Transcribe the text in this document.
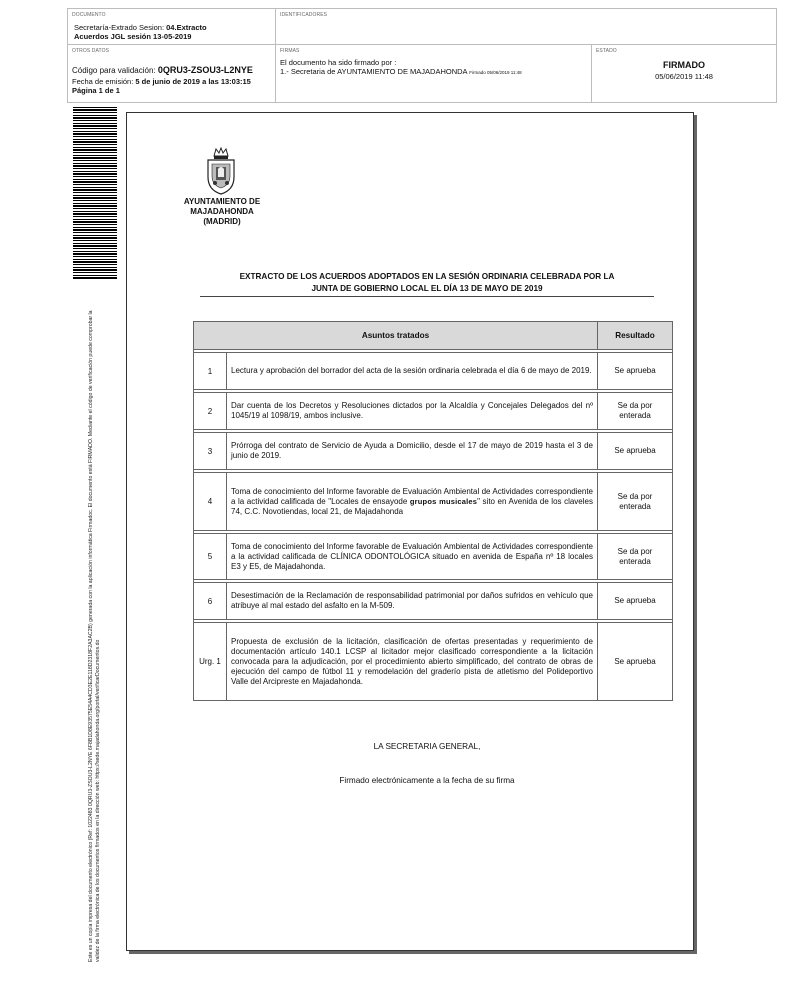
DOCUMENTO
Secretaría-Extrado Sesion: 04.Extracto
Acuerdos JGL sesión 13-05-2019
IDENTIFICADORES
OTROS DATOS
Código para validación: 0QRU3-ZSOU3-L2NYE
Fecha de emisión: 5 de junio de 2019 a las 13:03:15
Página 1 de 1
FIRMAS
El documento ha sido firmado por :
1.- Secretaria de AYUNTAMIENTO DE MAJADAHONDA Firmado 05/06/2019 11:48
ESTADO
FIRMADO
05/06/2019 11:48
Este es un copia impresa del documento electrónico (Ref: 1022483 0QRU3-ZSOU3-L2NYE 6F8B1D8E93575E54A4CD3E2E118D2318F2A3AC2B) generada con la aplicación informática Firmadoc. El documento está FIRMADO. Mediante el código de verificación puede comprobar la validez de la firma electrónica de los documentos firmados en la dirección web: https://sede.majadahonda.org/portal/verificarDocumentos.do
AYUNTAMIENTO DE
MAJADAHONDA
(MADRID)
EXTRACTO DE LOS ACUERDOS ADOPTADOS EN LA SESIÓN ORDINARIA CELEBRADA POR LA
JUNTA DE GOBIERNO LOCAL EL DÍA 13 DE MAYO DE 2019
Asuntos tratados		Resultado

1	Lectura y aprobación del borrador del acta de la sesión ordinaria celebrada el día 6 de mayo de 2019.	Se aprueba

2	Dar cuenta de los Decretos y Resoluciones dictados por la Alcaldía y Concejales Delegados del nº 1045/19 al 1098/19, ambos inclusive.	Se da por enterada

3	Prórroga del contrato de Servicio de Ayuda a Domicilio, desde el 17 de mayo de 2019 hasta el 3 de junio de 2019.	Se aprueba

4	Toma de conocimiento del Informe favorable de Evaluación Ambiental de Actividades correspondiente a la actividad calificada de "Locales de ensayode grupos musicales" sito en Avenida de los claveles 74, C.C. Novotiendas, local 21, de Majadahonda	Se da por enterada

5	Toma de conocimiento del Informe favorable de Evaluación Ambiental de Actividades correspondiente a la actividad calificada de CLÍNICA ODONTOLÓGICA situado en avenida de España nº 18 locales E3 y E5, de Majadahonda.	Se da por enterada

6	Desestimación de la Reclamación de responsabilidad patrimonial por daños sufridos en vehículo que atribuye al mal estado del asfalto en la M-509.	Se aprueba

Urg. 1	Propuesta de exclusión de la licitación, clasificación de ofertas presentadas y requerimiento de documentación artículo 140.1 LCSP al licitador mejor clasificado correspondiente a la licitación convocada para la adjudicación, por el procedimiento abierto simplificado, del contrato de obras de ejecución del campo de fútbol 11 y remodelación del graderío pista de atletismo del Polideportivo Valle del Arcipreste en Majadahonda.	Se aprueba
LA SECRETARIA GENERAL,
Firmado electrónicamente a la fecha de su firma
